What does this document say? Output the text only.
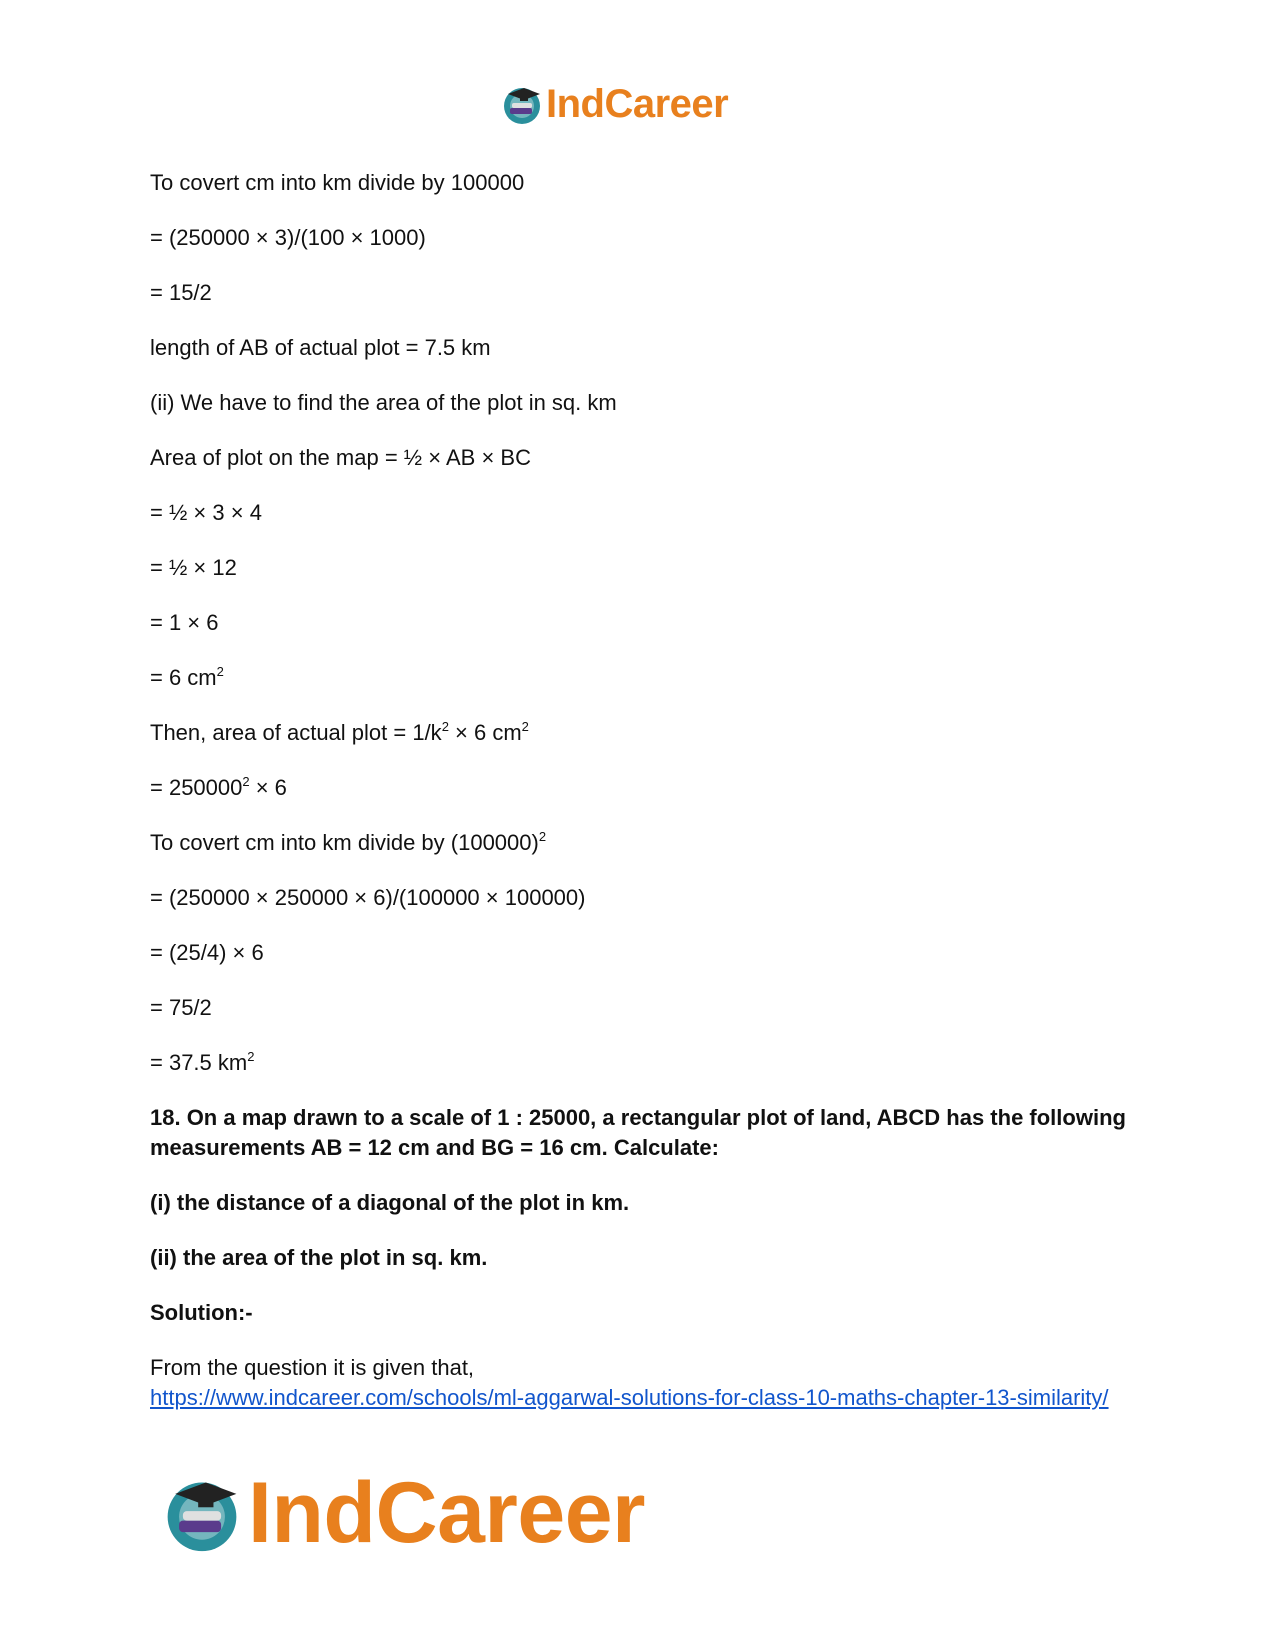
IndCareer

To covert cm into km divide by 100000

= (250000 × 3)/(100 × 1000)

= 15/2

length of AB of actual plot = 7.5 km

(ii) We have to find the area of the plot in sq. km

Area of plot on the map = ½ × AB × BC

= ½ × 3 × 4

= ½ × 12

= 1 × 6

= 6 $cm^2$

Then, area of actual plot = $1/k^2 \times 6$ $cm^2$

= $250000^2 \times 6$

To covert cm into km divide by $(100000)^2$

= (250000 × 250000 × 6)/(100000 × 100000)

= (25/4) × 6

= 75/2

= 37.5 $km^2$

18. On a map drawn to a scale of 1 : 25000, a rectangular plot of land, ABCD has the following measurements AB = 12 cm and BG = 16 cm. Calculate:

(i) the distance of a diagonal of the plot in km.

(ii) the area of the plot in sq. km.

Solution:-

From the question it is given that,

https://www.indcareer.com/schools/ml-aggarwal-solutions-for-class-10-maths-chapter-13-similarity/
IndCareer
